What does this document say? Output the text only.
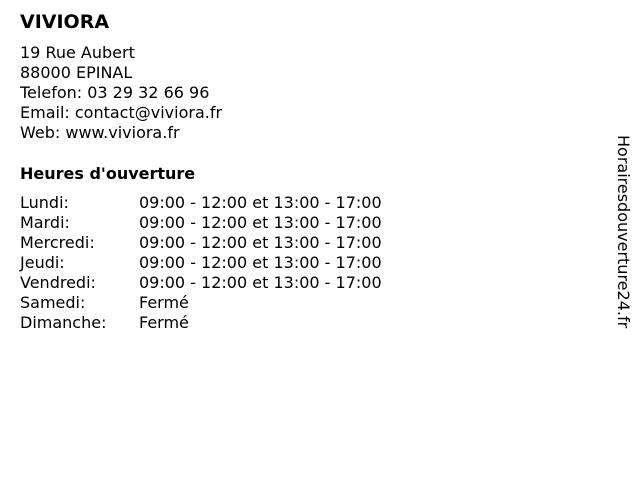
VIVIORA
19 Rue Aubert
88000 EPINAL
Telefon: 03 29 32 66 96
Email: contact@viviora.fr
Web: www.viviora.fr
Heures d'ouverture
Lundi:	09:00 - 12:00 et 13:00 - 17:00
Mardi:	09:00 - 12:00 et 13:00 - 17:00
Mercredi:	09:00 - 12:00 et 13:00 - 17:00
Jeudi:	09:00 - 12:00 et 13:00 - 17:00
Vendredi:	09:00 - 12:00 et 13:00 - 17:00
Samedi:	Fermé
Dimanche:	Fermé	Horairesdouverture24.fr
